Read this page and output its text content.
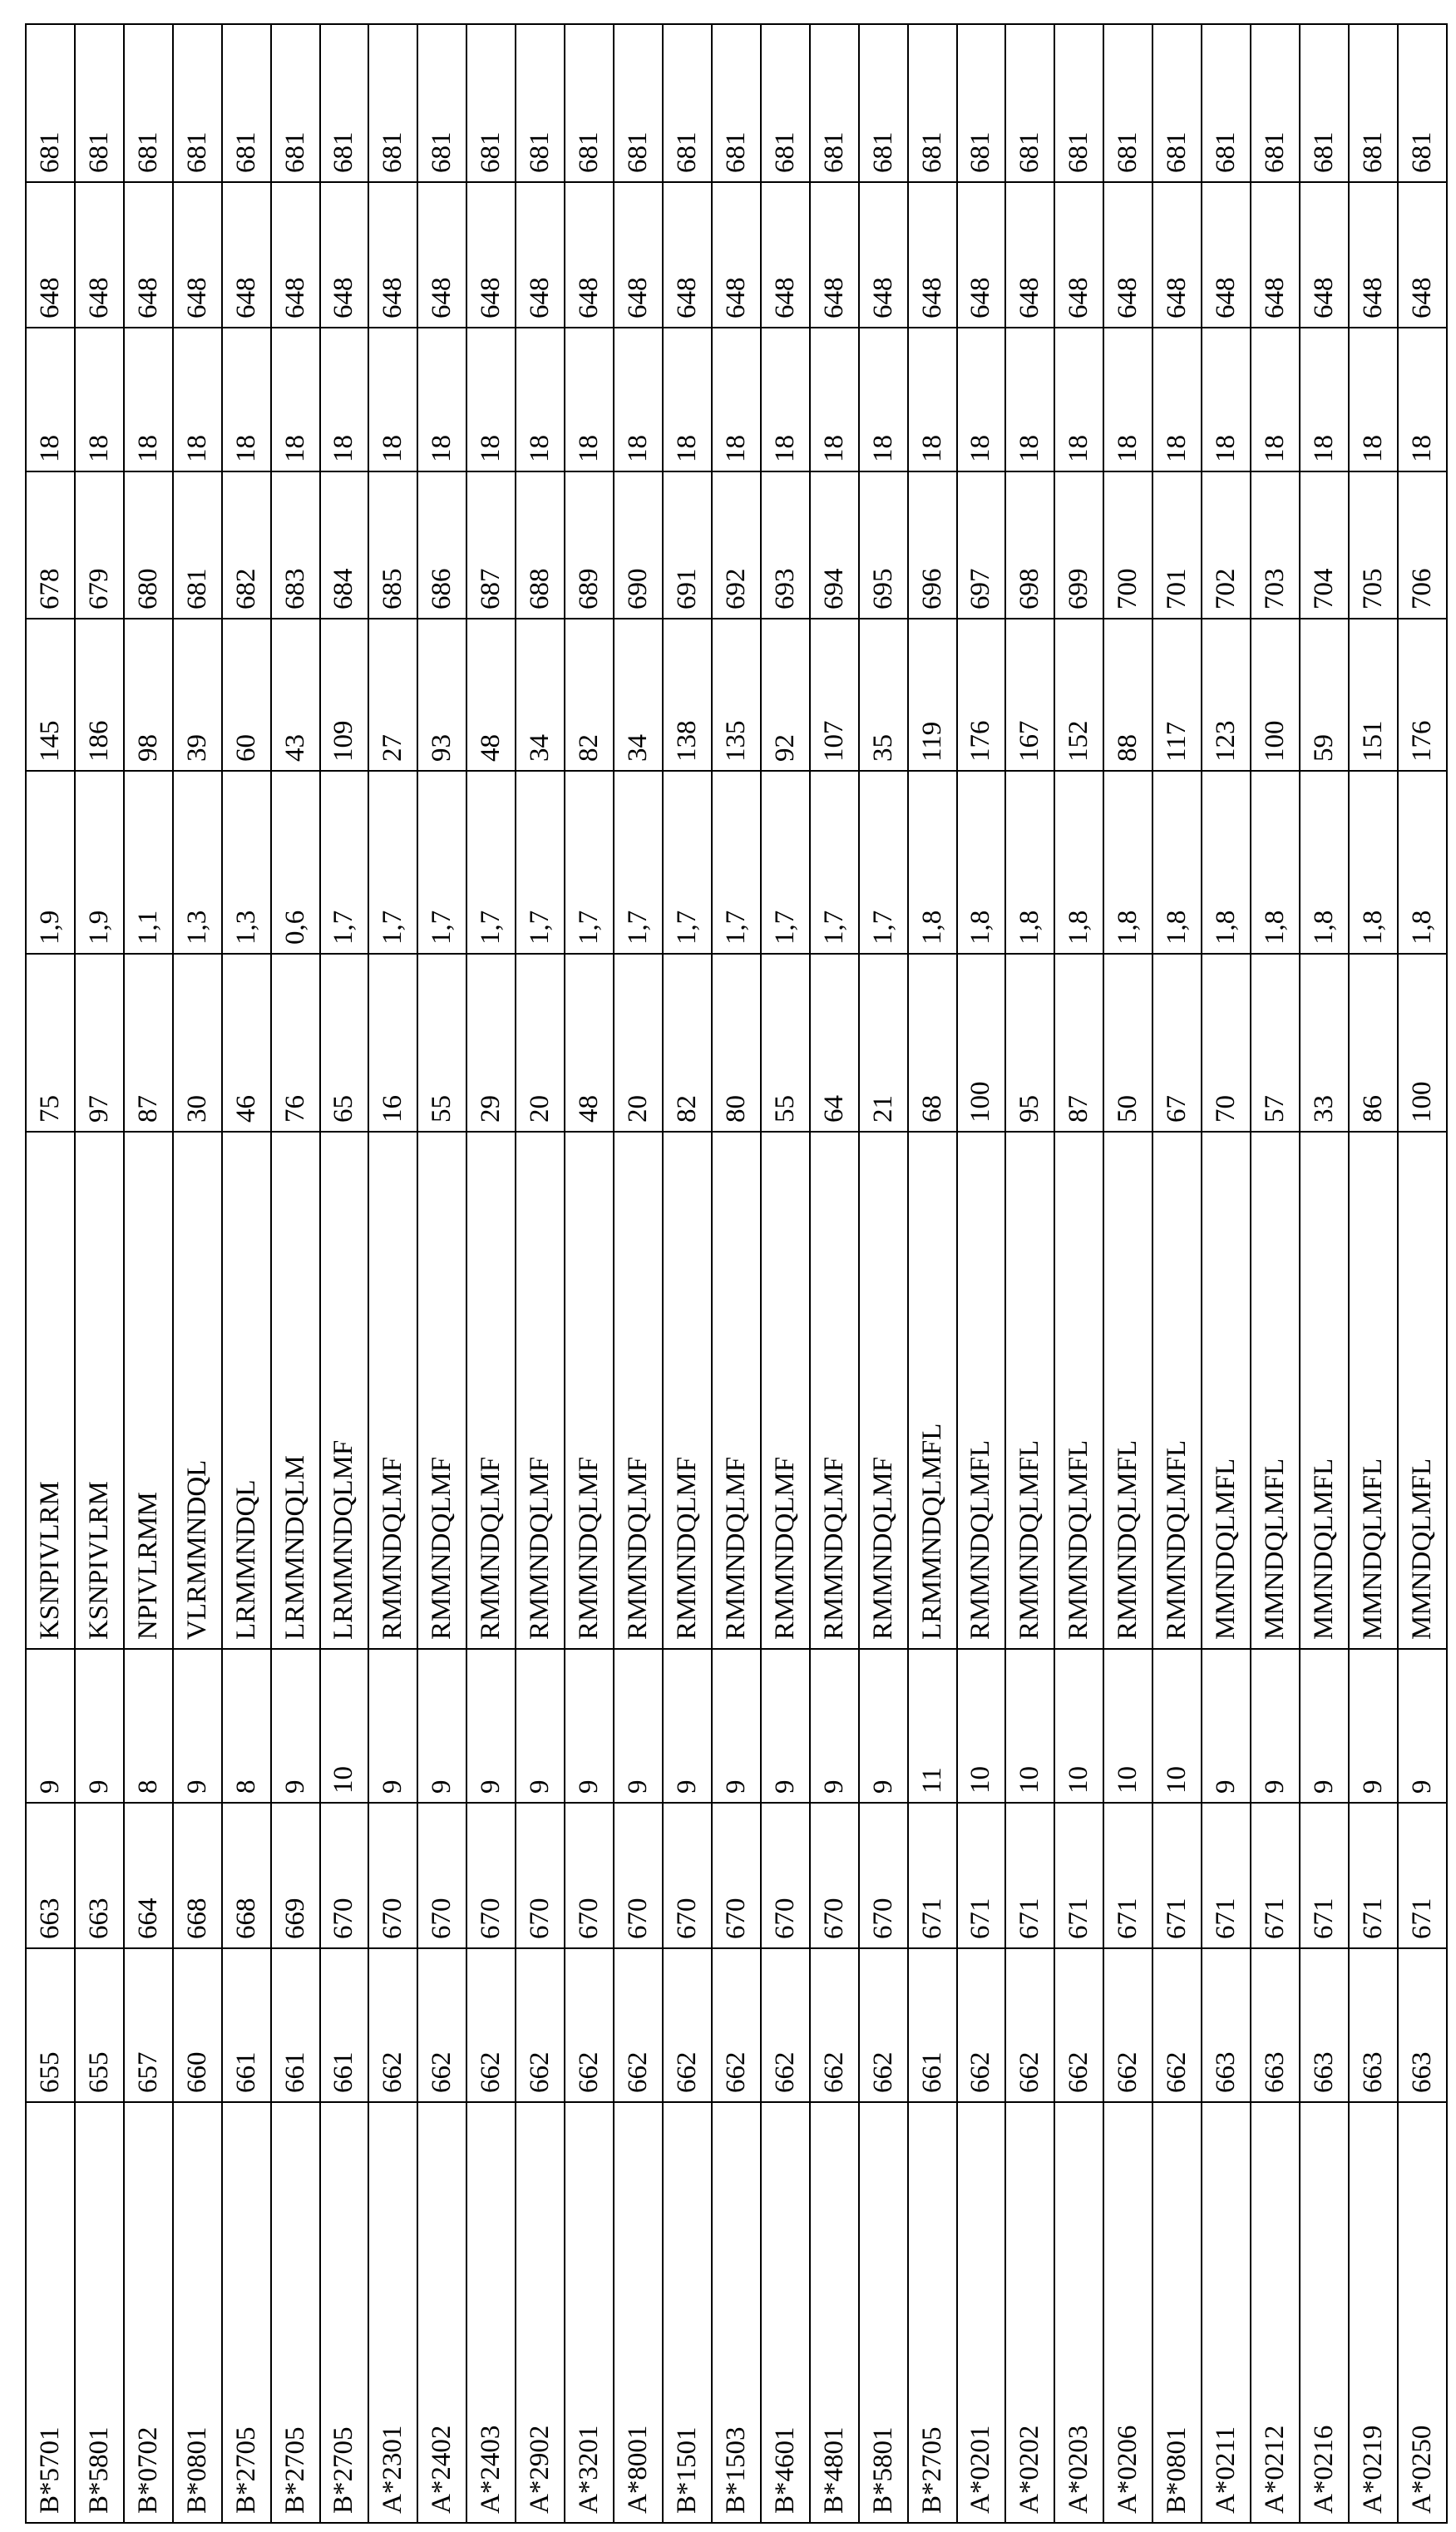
B*5701	655	663	9	KSNPIVLRM	75	1,9	145	678	18	648	681
B*5801	655	663	9	KSNPIVLRM	97	1,9	186	679	18	648	681
B*0702	657	664	8	NPIVLRMM	87	1,1	98	680	18	648	681
B*0801	660	668	9	VLRMMNDQL	30	1,3	39	681	18	648	681
B*2705	661	668	8	LRMMNDQL	46	1,3	60	682	18	648	681
B*2705	661	669	9	LRMMNDQLM	76	0,6	43	683	18	648	681
B*2705	661	670	10	LRMMNDQLMF	65	1,7	109	684	18	648	681
A*2301	662	670	9	RMMNDQLMF	16	1,7	27	685	18	648	681
A*2402	662	670	9	RMMNDQLMF	55	1,7	93	686	18	648	681
A*2403	662	670	9	RMMNDQLMF	29	1,7	48	687	18	648	681
A*2902	662	670	9	RMMNDQLMF	20	1,7	34	688	18	648	681
A*3201	662	670	9	RMMNDQLMF	48	1,7	82	689	18	648	681
A*8001	662	670	9	RMMNDQLMF	20	1,7	34	690	18	648	681
B*1501	662	670	9	RMMNDQLMF	82	1,7	138	691	18	648	681
B*1503	662	670	9	RMMNDQLMF	80	1,7	135	692	18	648	681
B*4601	662	670	9	RMMNDQLMF	55	1,7	92	693	18	648	681
B*4801	662	670	9	RMMNDQLMF	64	1,7	107	694	18	648	681
B*5801	662	670	9	RMMNDQLMF	21	1,7	35	695	18	648	681
B*2705	661	671	11	LRMMNDQLMFL	68	1,8	119	696	18	648	681
A*0201	662	671	10	RMMNDQLMFL	100	1,8	176	697	18	648	681
A*0202	662	671	10	RMMNDQLMFL	95	1,8	167	698	18	648	681
A*0203	662	671	10	RMMNDQLMFL	87	1,8	152	699	18	648	681
A*0206	662	671	10	RMMNDQLMFL	50	1,8	88	700	18	648	681
B*0801	662	671	10	RMMNDQLMFL	67	1,8	117	701	18	648	681
A*0211	663	671	9	MMNDQLMFL	70	1,8	123	702	18	648	681
A*0212	663	671	9	MMNDQLMFL	57	1,8	100	703	18	648	681
A*0216	663	671	9	MMNDQLMFL	33	1,8	59	704	18	648	681
A*0219	663	671	9	MMNDQLMFL	86	1,8	151	705	18	648	681
A*0250	663	671	9	MMNDQLMFL	100	1,8	176	706	18	648	681
